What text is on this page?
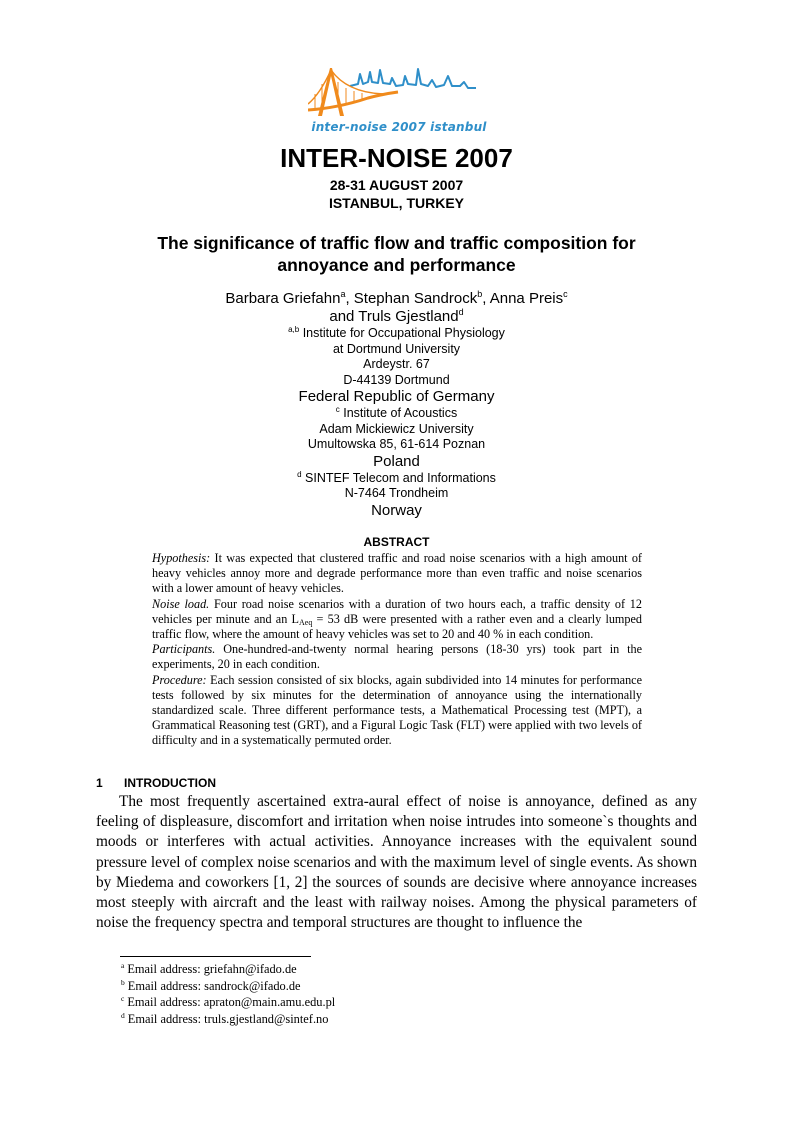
inter-noise 2007 istanbul
INTER-NOISE 2007
28-31 AUGUST 2007
ISTANBUL, TURKEY
The significance of traffic flow and traffic composition for
annoyance and performance
Barbara Griefahn$^a$, Stephan Sandrock$^b$, Anna Preis$^c$
and Truls Gjestland$^d$
$^{a,b}$ Institute for Occupational Physiology
at Dortmund University
Ardeystr. 67
D-44139 Dortmund
Federal Republic of Germany
$^c$ Institute of Acoustics
Adam Mickiewicz University
Umultowska 85, 61-614 Poznan
Poland
$^d$ SINTEF Telecom and Informations
N-7464 Trondheim
Norway
ABSTRACT

Hypothesis: It was expected that clustered traffic and road noise scenarios with a high amount of heavy vehicles annoy more and degrade performance more than even traffic and noise scenarios with a lower amount of heavy vehicles.

Noise load. Four road noise scenarios with a duration of two hours each, a traffic density of 12 vehicles per minute and an $L_{Aeq} = 53$ dB were presented with a rather even and a clearly lumped traffic flow, where the amount of heavy vehicles was set to 20 and 40 % in each condition.

Participants. One-hundred-and-twenty normal hearing persons (18-30 yrs) took part in the experiments, 20 in each condition.

Procedure: Each session consisted of six blocks, again subdivided into 14 minutes for performance tests followed by six minutes for the determination of annoyance using the internationally standardized scale. Three different performance tests, a Mathematical Processing test (MPT), a Grammatical Reasoning test (GRT), and a Figural Logic Task (FLT) were applied with two levels of difficulty and in a systematically permuted order.

1 INTRODUCTION

The most frequently ascertained extra-aural effect of noise is annoyance, defined as any feeling of displeasure, discomfort and irritation when noise intrudes into someone`s thoughts and moods or interferes with actual activities. Annoyance increases with the equivalent sound pressure level of complex noise scenarios and with the maximum level of single events. As shown by Miedema and coworkers [1, 2] the sources of sounds are decisive where annoyance increases most steeply with aircraft and the least with railway noises. Among the physical parameters of noise the frequency spectra and temporal structures are thought to influence the

$^a$ Email address: griefahn@ifado.de
$^b$ Email address: sandrock@ifado.de
$^c$ Email address: apraton@main.amu.edu.pl
$^d$ Email address: truls.gjestland@sintef.no
